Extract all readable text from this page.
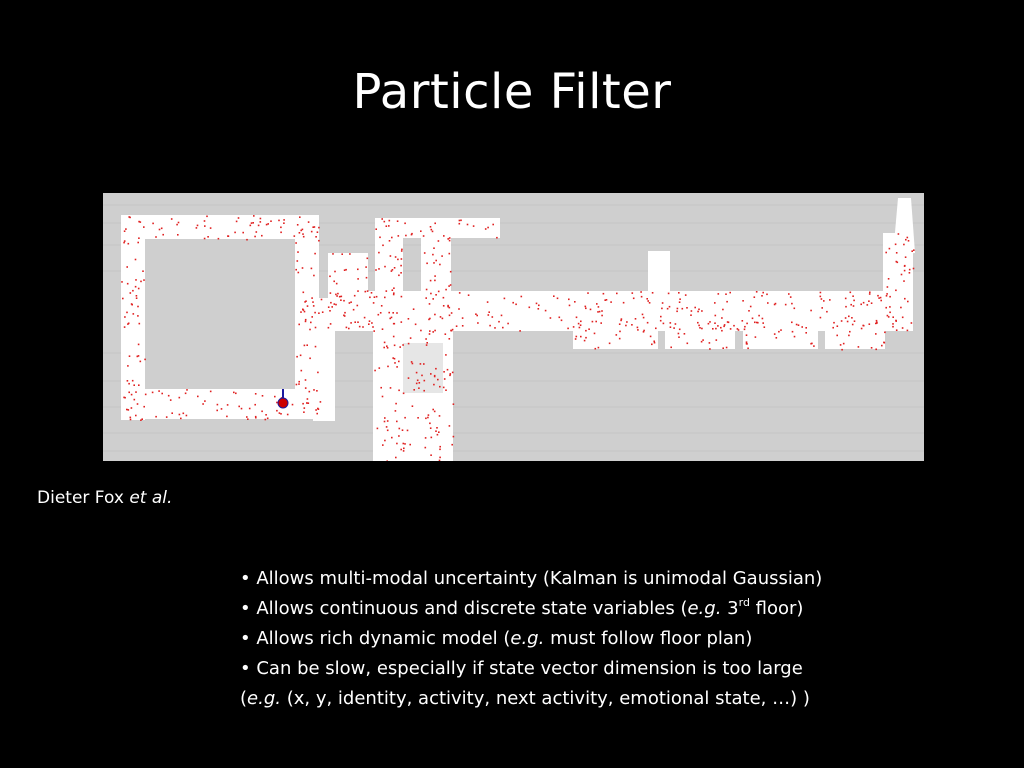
Particle Filter
Dieter Fox et al.
• Allows multi-modal uncertainty (Kalman is unimodal Gaussian)
• Allows continuous and discrete state variables (e.g. 3rd floor)
• Allows rich dynamic model (e.g. must follow floor plan)
• Can be slow, especially if state vector dimension is too large
(e.g. (x, y, identity, activity, next activity, emotional state, …) )
